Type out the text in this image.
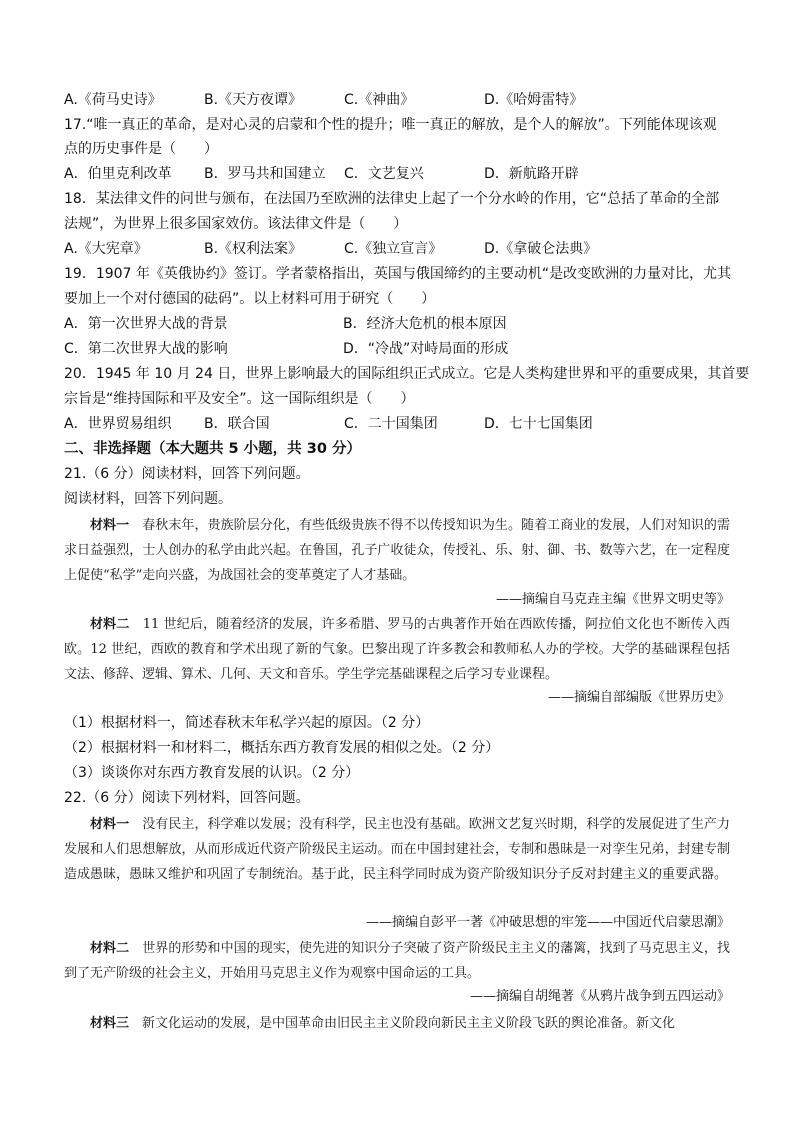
A.《荷马史诗》	B.《天方夜谭》	C.《神曲》	D.《哈姆雷特》
17.“唯一真正的革命，是对心灵的启蒙和个性的提升；唯一真正的解放，是个人的解放”。下列能体现该观
点的历史事件是（　　）
A．伯里克利改革	B．罗马共和国建立	C．文艺复兴	D．新航路开辟
18．某法律文件的问世与颁布，在法国乃至欧洲的法律史上起了一个分水岭的作用，它“总括了革命的全部
法规”，为世界上很多国家效仿。该法律文件是（　　）
A.《大宪章》	B.《权利法案》	C.《独立宣言》	D.《拿破仑法典》
19．1907 年《英俄协约》签订。学者蒙格指出，英国与俄国缔约的主要动机“是改变欧洲的力量对比，尤其
要加上一个对付德国的砝码”。以上材料可用于研究（　　）
A．第一次世界大战的背景	B．经济大危机的根本原因
C．第二次世界大战的影响	D．“冷战”对峙局面的形成
20．1945 年 10 月 24 日，世界上影响最大的国际组织正式成立。它是人类构建世界和平的重要成果，其首要
宗旨是“维持国际和平及安全”。这一国际组织是（　　）
A．世界贸易组织	B．联合国	C．二十国集团	D．七十七国集团
二、非选择题（本大题共 5 小题，共 30 分）
21.（6 分）阅读材料，回答下列问题。
阅读材料，回答下列问题。

材料一　春秋末年，贵族阶层分化，有些低级贵族不得不以传授知识为生。随着工商业的发展，人们对知识的需求日益强烈，士人创办的私学由此兴起。在鲁国，孔子广收徒众，传授礼、乐、射、御、书、数等六艺，在一定程度上促使“私学”走向兴盛，为战国社会的变革奠定了人才基础。

——摘编自马克垚主编《世界文明史等》

材料二　11 世纪后，随着经济的发展，许多希腊、罗马的古典著作开始在西欧传播，阿拉伯文化也不断传入西欧。12 世纪，西欧的教育和学术出现了新的气象。巴黎出现了许多教会和教师私人办的学校。大学的基础课程包括文法、修辞、逻辑、算术、几何、天文和音乐。学生学完基础课程之后学习专业课程。

——摘编自部编版《世界历史》
（1）根据材料一，简述春秋末年私学兴起的原因。（2 分）
（2）根据材料一和材料二，概括东西方教育发展的相似之处。（2 分）
（3）谈谈你对东西方教育发展的认识。（2 分）
22.（6 分）阅读下列材料，回答问题。

材料一　没有民主，科学难以发展；没有科学，民主也没有基础。欧洲文艺复兴时期，科学的发展促进了生产力发展和人们思想解放，从而形成近代资产阶级民主运动。而在中国封建社会，专制和愚昧是一对孪生兄弟，封建专制造成愚昧，愚昧又维护和巩固了专制统治。基于此，民主科学同时成为资产阶级知识分子反对封建主义的重要武器。

——摘编自彭平一著《冲破思想的牢笼——中国近代启蒙思潮》

材料二　世界的形势和中国的现实，使先进的知识分子突破了资产阶级民主主义的藩篱，找到了马克思主义，找到了无产阶级的社会主义，开始用马克思主义作为观察中国命运的工具。

——摘编自胡绳著《从鸦片战争到五四运动》

材料三　新文化运动的发展，是中国革命由旧民主主义阶段向新民主主义阶段飞跃的舆论准备。新文化
